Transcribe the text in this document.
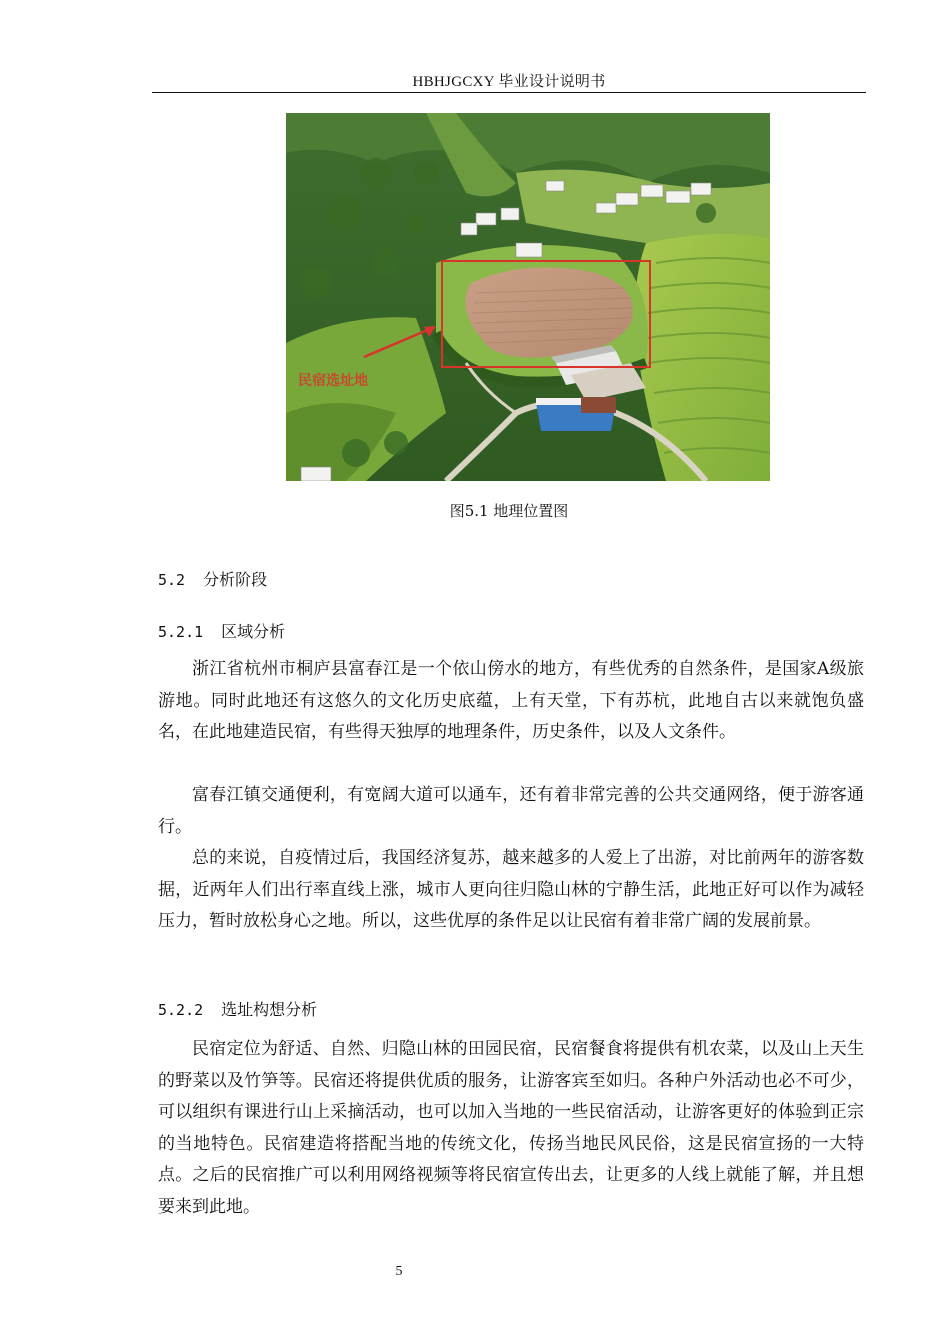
HBHJGCXY 毕业设计说明书
民宿选址地
图5.1 地理位置图
5.2 分析阶段
5.2.1 区域分析

浙江省杭州市桐庐县富春江是一个依山傍水的地方，有些优秀的自然条件，是国家A级旅游地。同时此地还有这悠久的文化历史底蕴，上有天堂，下有苏杭，此地自古以来就饱负盛名，在此地建造民宿，有些得天独厚的地理条件，历史条件，以及人文条件。

富春江镇交通便利，有宽阔大道可以通车，还有着非常完善的公共交通网络，便于游客通行。

总的来说，自疫情过后，我国经济复苏，越来越多的人爱上了出游，对比前两年的游客数据，近两年人们出行率直线上涨，城市人更向往归隐山林的宁静生活，此地正好可以作为减轻压力，暂时放松身心之地。所以，这些优厚的条件足以让民宿有着非常广阔的发展前景。

5.2.2 选址构想分析

民宿定位为舒适、自然、归隐山林的田园民宿，民宿餐食将提供有机农菜，以及山上天生的野菜以及竹笋等。民宿还将提供优质的服务，让游客宾至如归。各种户外活动也必不可少，可以组织有课进行山上采摘活动，也可以加入当地的一些民宿活动，让游客更好的体验到正宗的当地特色。民宿建造将搭配当地的传统文化，传扬当地民风民俗，这是民宿宣扬的一大特点。之后的民宿推广可以利用网络视频等将民宿宣传出去，让更多的人线上就能了解，并且想要来到此地。

5
